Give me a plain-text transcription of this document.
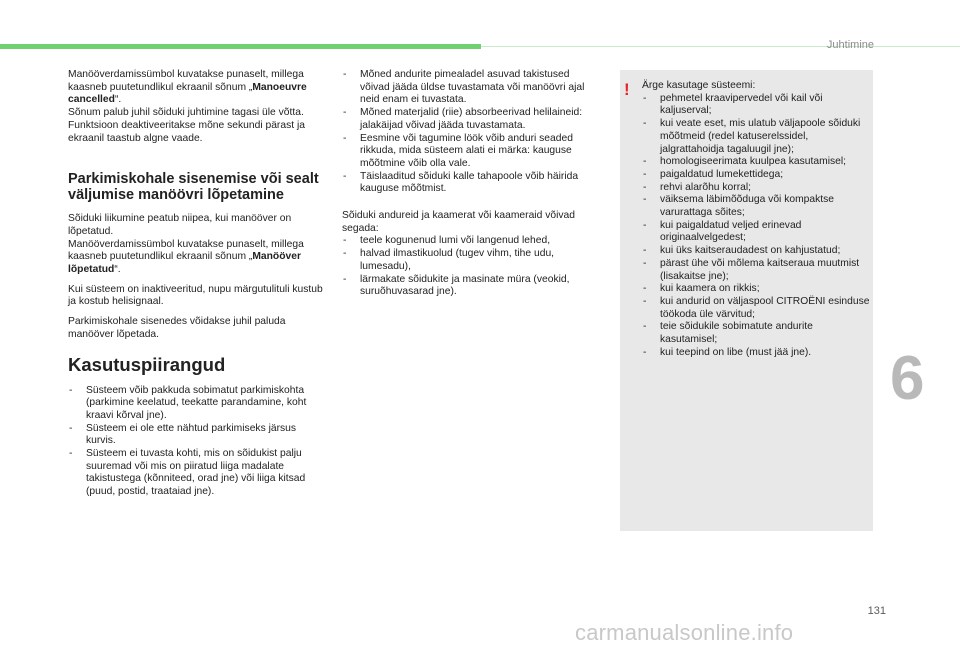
Juhtimine

Manööverdamissümbol kuvatakse punaselt, millega kaasneb puutetundlikul ekraanil sõnum „Manoeuvre cancelled“.

Sõnum palub juhil sõiduki juhtimine tagasi üle võtta.

Funktsioon deaktiveeritakse mõne sekundi pärast ja ekraanil taastub algne vaade.

Parkimiskohale sisenemise või sealt väljumise manöövri lõpetamine

Sõiduki liikumine peatub niipea, kui manööver on lõpetatud.

Manööverdamissümbol kuvatakse punaselt, millega kaasneb puutetundlikul ekraanil sõnum „Manööver lõpetatud“.

Kui süsteem on inaktiveeritud, nupu märgutulituli kustub ja kostub helisignaal.

Parkimiskohale sisenedes võidakse juhil paluda manööver lõpetada.

Kasutuspiirangud
- Süsteem võib pakkuda sobimatut parkimiskohta (parkimine keelatud, teekatte parandamine, koht kraavi kõrval jne).
- Süsteem ei ole ette nähtud parkimiseks järsus kurvis.
- Süsteem ei tuvasta kohti, mis on sõidukist palju suuremad või mis on piiratud liiga madalate takistustega (kõnniteed, orad jne) või liiga kitsad (puud, postid, traataiad jne).
- Mõned andurite pimealadel asuvad takistused võivad jääda üldse tuvastamata või manöövri ajal neid enam ei tuvastata.
- Mõned materjalid (riie) absorbeerivad helilaineid: jalakäijad võivad jääda tuvastamata.
- Eesmine või tagumine löök võib anduri seaded rikkuda, mida süsteem alati ei märka: kauguse mõõtmine võib olla vale.
- Täislaaditud sõiduki kalle tahapoole võib häirida kauguse mõõtmist.

Sõiduki andureid ja kaamerat või kaameraid võivad segada:

- teele kogunenud lumi või langenud lehed,
- halvad ilmastikuolud (tugev vihm, tihe udu, lumesadu),
- lärmakate sõidukite ja masinate müra (veokid, suruõhuvasarad jne).
! Ärge kasutage süsteemi:

- pehmetel kraavipervedel või kail või kaljuserval;
- kui veate eset, mis ulatub väljapoole sõiduki mõõtmeid (redel katuserelssidel, jalgrattahoidja tagaluugil jne);
- homologiseerimata kuulpea kasutamisel;
- paigaldatud lumekettidega;
- rehvi alarõhu korral;
- väiksema läbimõõduga või kompaktse varurattaga sõites;
- kui paigaldatud veljed erinevad originaalvelgedest;
- kui üks kaitseraudadest on kahjustatud;
- pärast ühe või mõlema kaitseraua muutmist (lisakaitse jne);
- kui kaamera on rikkis;
- kui andurid on väljaspool CITROËNI esinduse töökoda üle värvitud;
- teie sõidukile sobimatute andurite kasutamisel;
- kui teepind on libe (must jää jne).	6
131
carmanualsonline.info
